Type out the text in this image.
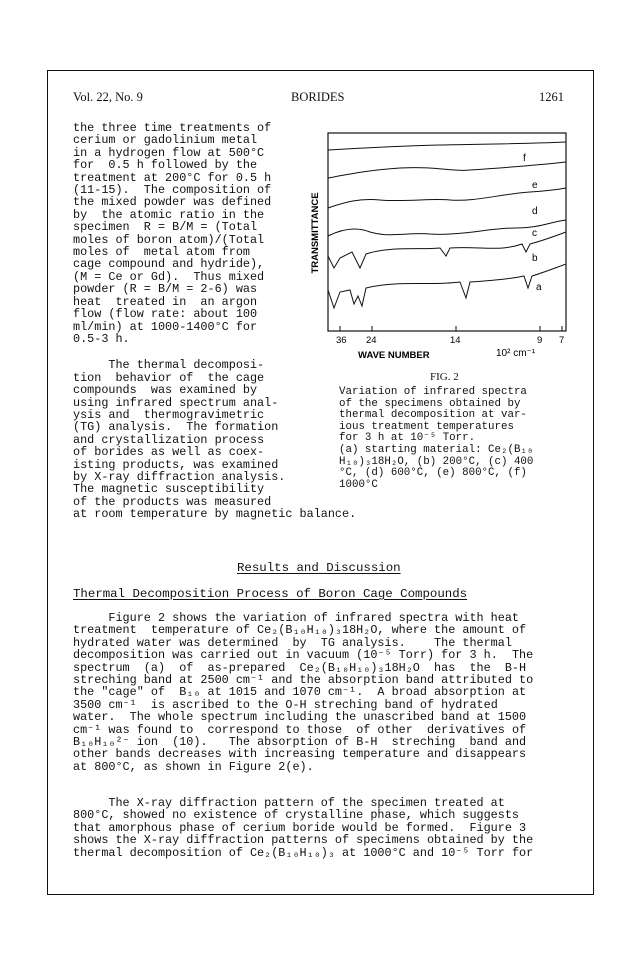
Vol. 22, No. 9	BORIDES	1261

the three time treatments of

cerium or gadolinium metal

in a hydrogen flow at 500°C

for  0.5 h followed by the

treatment at 200°C for 0.5 h

(11-15).  The composition of

the mixed powder was defined

by  the atomic ratio in the

specimen  R = B/M = (Total

moles of boron atom)/(Total

moles of  metal atom from

cage compound and hydride),

(M = Ce or Gd).  Thus mixed

powder (R = B/M = 2-6) was

heat  treated in  an argon

flow (flow rate: about 100

ml/min) at 1000-1400°C for

0.5-3 h.

The thermal decomposi-

tion  behavior of  the cage

compounds  was examined by

using infrared spectrum anal-

ysis and  thermogravimetric

(TG) analysis.  The formation

and crystallization process

of borides as well as coex-

isting products, was examined

by X-ray diffraction analysis.

The magnetic susceptibility

of the products was measured

at room temperature by magnetic balance.

TRANSMITTANCE
f
e
d
c
b
a
36 24	14	9 7
WAVE NUMBER	10² cm⁻¹
FIG. 2

Variation of infrared spectra

of the specimens obtained by

thermal decomposition at var-

ious treatment temperatures

for 3 h at 10⁻⁵ Torr.

(a) starting material: Ce₂(B₁₀

H₁₀)₃18H₂O, (b) 200°C, (c) 400

°C, (d) 600°C, (e) 800°C, (f)

1000°C

Results and Discussion
Thermal Decomposition Process of Boron Cage Compounds

Figure 2 shows the variation of infrared spectra with heat

treatment  temperature of Ce₂(B₁₀H₁₀)₃18H₂O, where the amount of

hydrated water was determined  by  TG analysis.    The thermal

decomposition was carried out in vacuum (10⁻⁵ Torr) for 3 h.  The

spectrum  (a)  of  as-prepared  Ce₂(B₁₀H₁₀)₃18H₂O  has  the  B-H

streching band at 2500 cm⁻¹ and the absorption band attributed to

the "cage" of  B₁₀ at 1015 and 1070 cm⁻¹.  A broad absorption at

3500 cm⁻¹  is ascribed to the O-H streching band of hydrated

water.  The whole spectrum including the unascribed band at 1500

cm⁻¹ was found to  correspond to those  of other  derivatives of

B₁₀H₁₀²⁻ ion  (10).   The absorption of B-H  streching  band and

other bands decreases with increasing temperature and disappears

at 800°C, as shown in Figure 2(e).

The X-ray diffraction pattern of the specimen treated at

800°C, showed no existence of crystalline phase, which suggests

that amorphous phase of cerium boride would be formed.  Figure 3

shows the X-ray diffraction patterns of specimens obtained by the

thermal decomposition of Ce₂(B₁₀H₁₀)₃ at 1000°C and 10⁻⁵ Torr for
